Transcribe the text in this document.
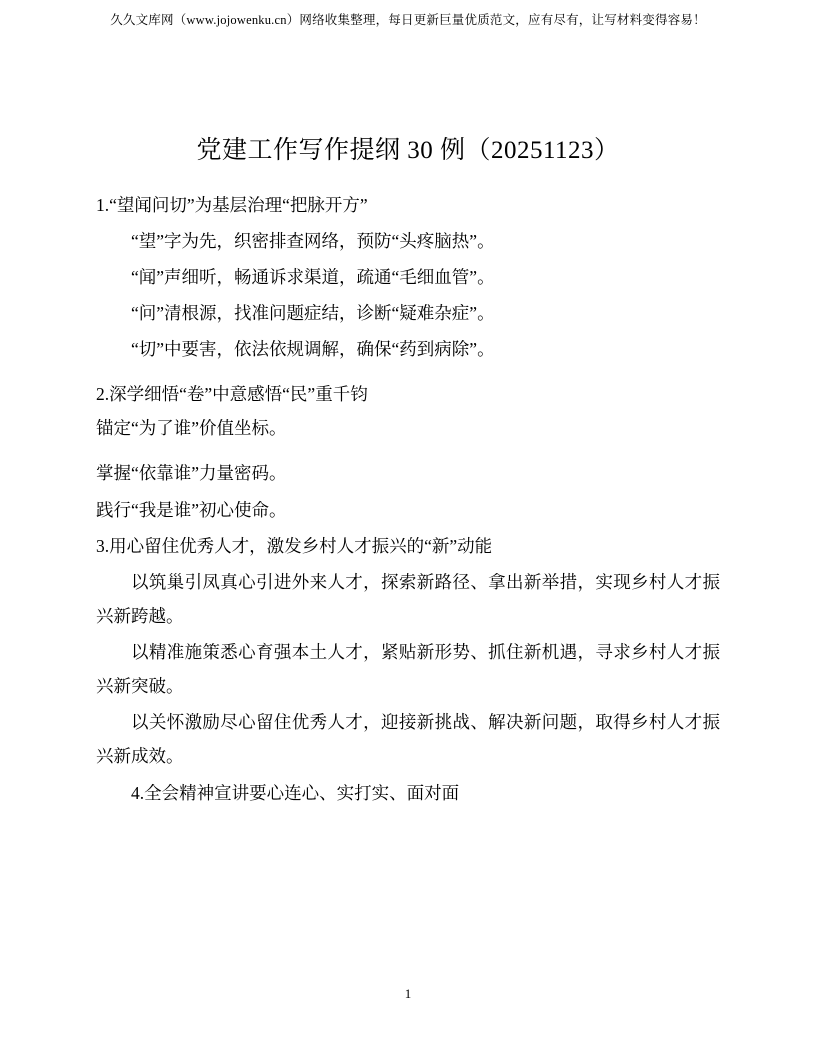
久久文库网（www.jojowenku.cn）网络收集整理，每日更新巨量优质范文，应有尽有，让写材料变得容易！
党建工作写作提纲 30 例（20251123）

1.“望闻问切”为基层治理“把脉开方”

“望”字为先，织密排查网络，预防“头疼脑热”。

“闻”声细听，畅通诉求渠道，疏通“毛细血管”。

“问”清根源，找准问题症结，诊断“疑难杂症”。

“切”中要害，依法依规调解，确保“药到病除”。

2.深学细悟“卷”中意感悟“民”重千钧

锚定“为了谁”价值坐标。

掌握“依靠谁”力量密码。

践行“我是谁”初心使命。

3.用心留住优秀人才，激发乡村人才振兴的“新”动能

以筑巢引凤真心引进外来人才，探索新路径、拿出新举措，实现乡村人才振兴新跨越。

以精准施策悉心育强本土人才，紧贴新形势、抓住新机遇，寻求乡村人才振兴新突破。

以关怀激励尽心留住优秀人才，迎接新挑战、解决新问题，取得乡村人才振兴新成效。

4.全会精神宣讲要心连心、实打实、面对面

1
